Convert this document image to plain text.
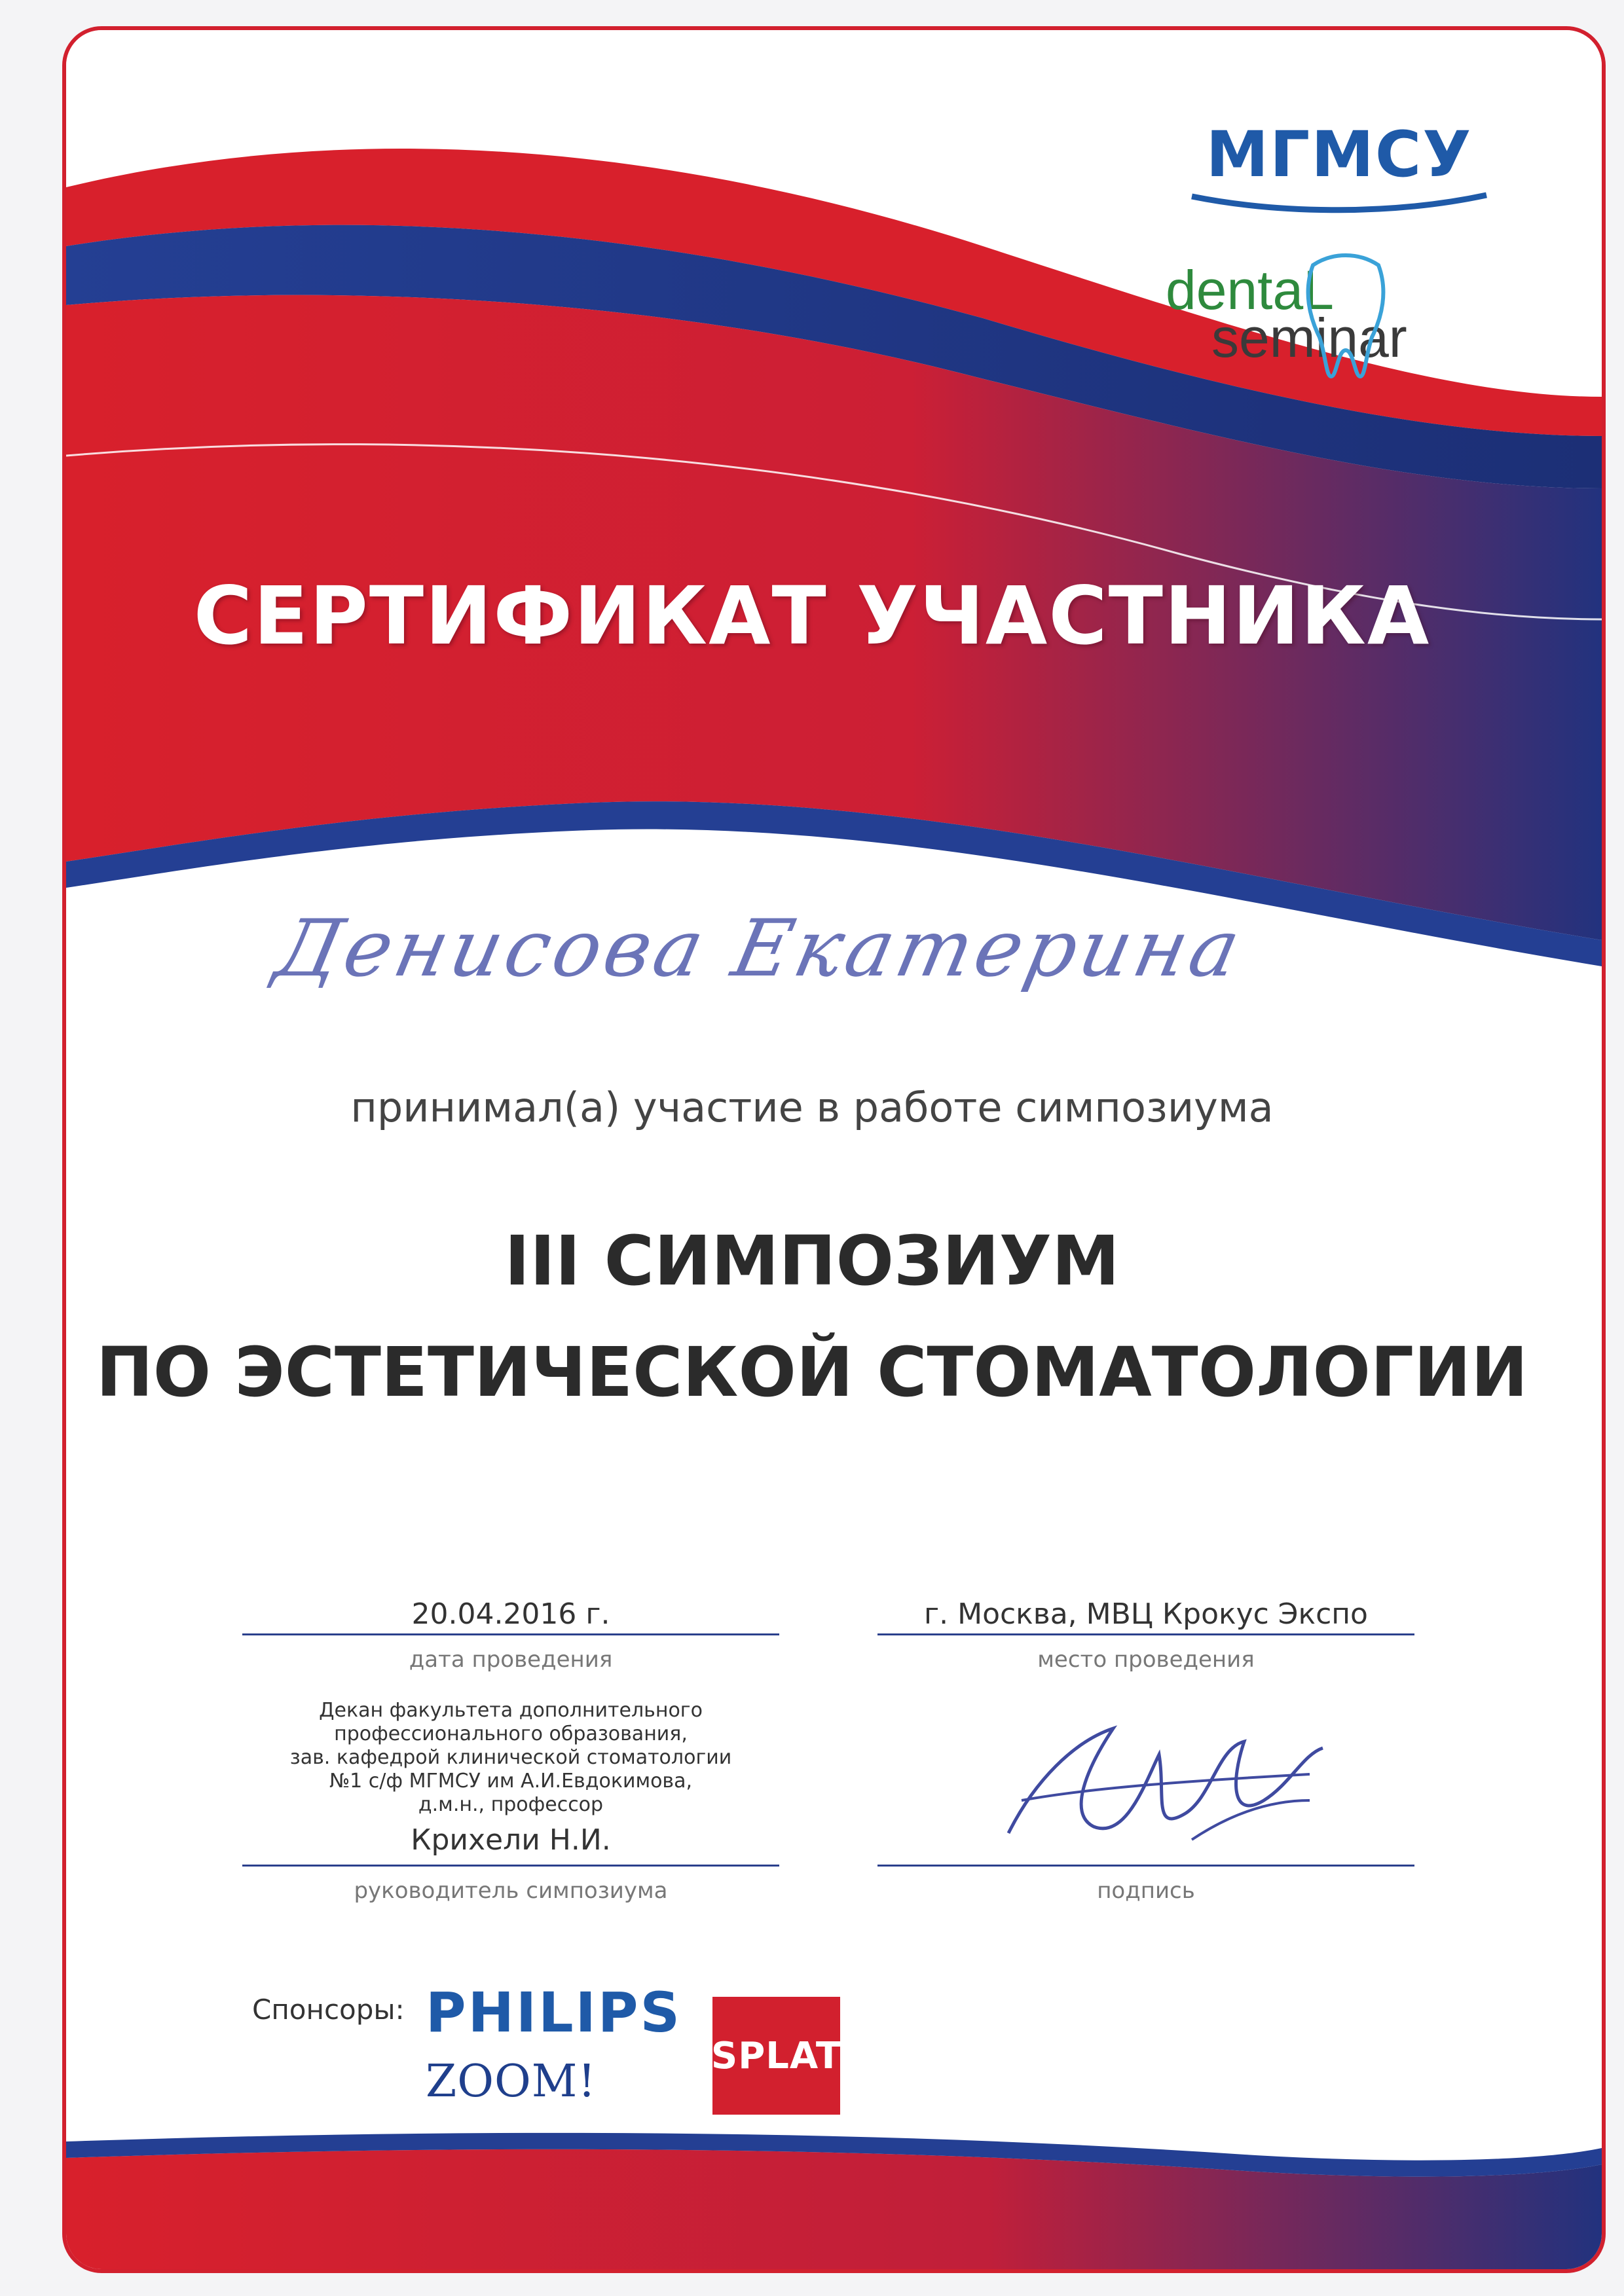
МГМСУ
dentaL
seminar
СЕРТИФИКАТ УЧАСТНИКА
Денисова Екатерина
принимал(а) участие в работе симпозиума
III СИМПОЗИУМ
ПО ЭСТЕТИЧЕСКОЙ СТОМАТОЛОГИИ
20.04.2016 г.
дата проведения
г. Москва, МВЦ Крокус Экспо
место проведения
Декан факультета дополнительного
профессионального образования,
зав. кафедрой клинической стоматологии
№1 с/ф МГМСУ им А.И.Евдокимова,
д.м.н., профессор
Крихели Н.И.
руководитель симпозиума	подпись
Спонсоры: PHILIPS
ZOOM!	SPLAT
